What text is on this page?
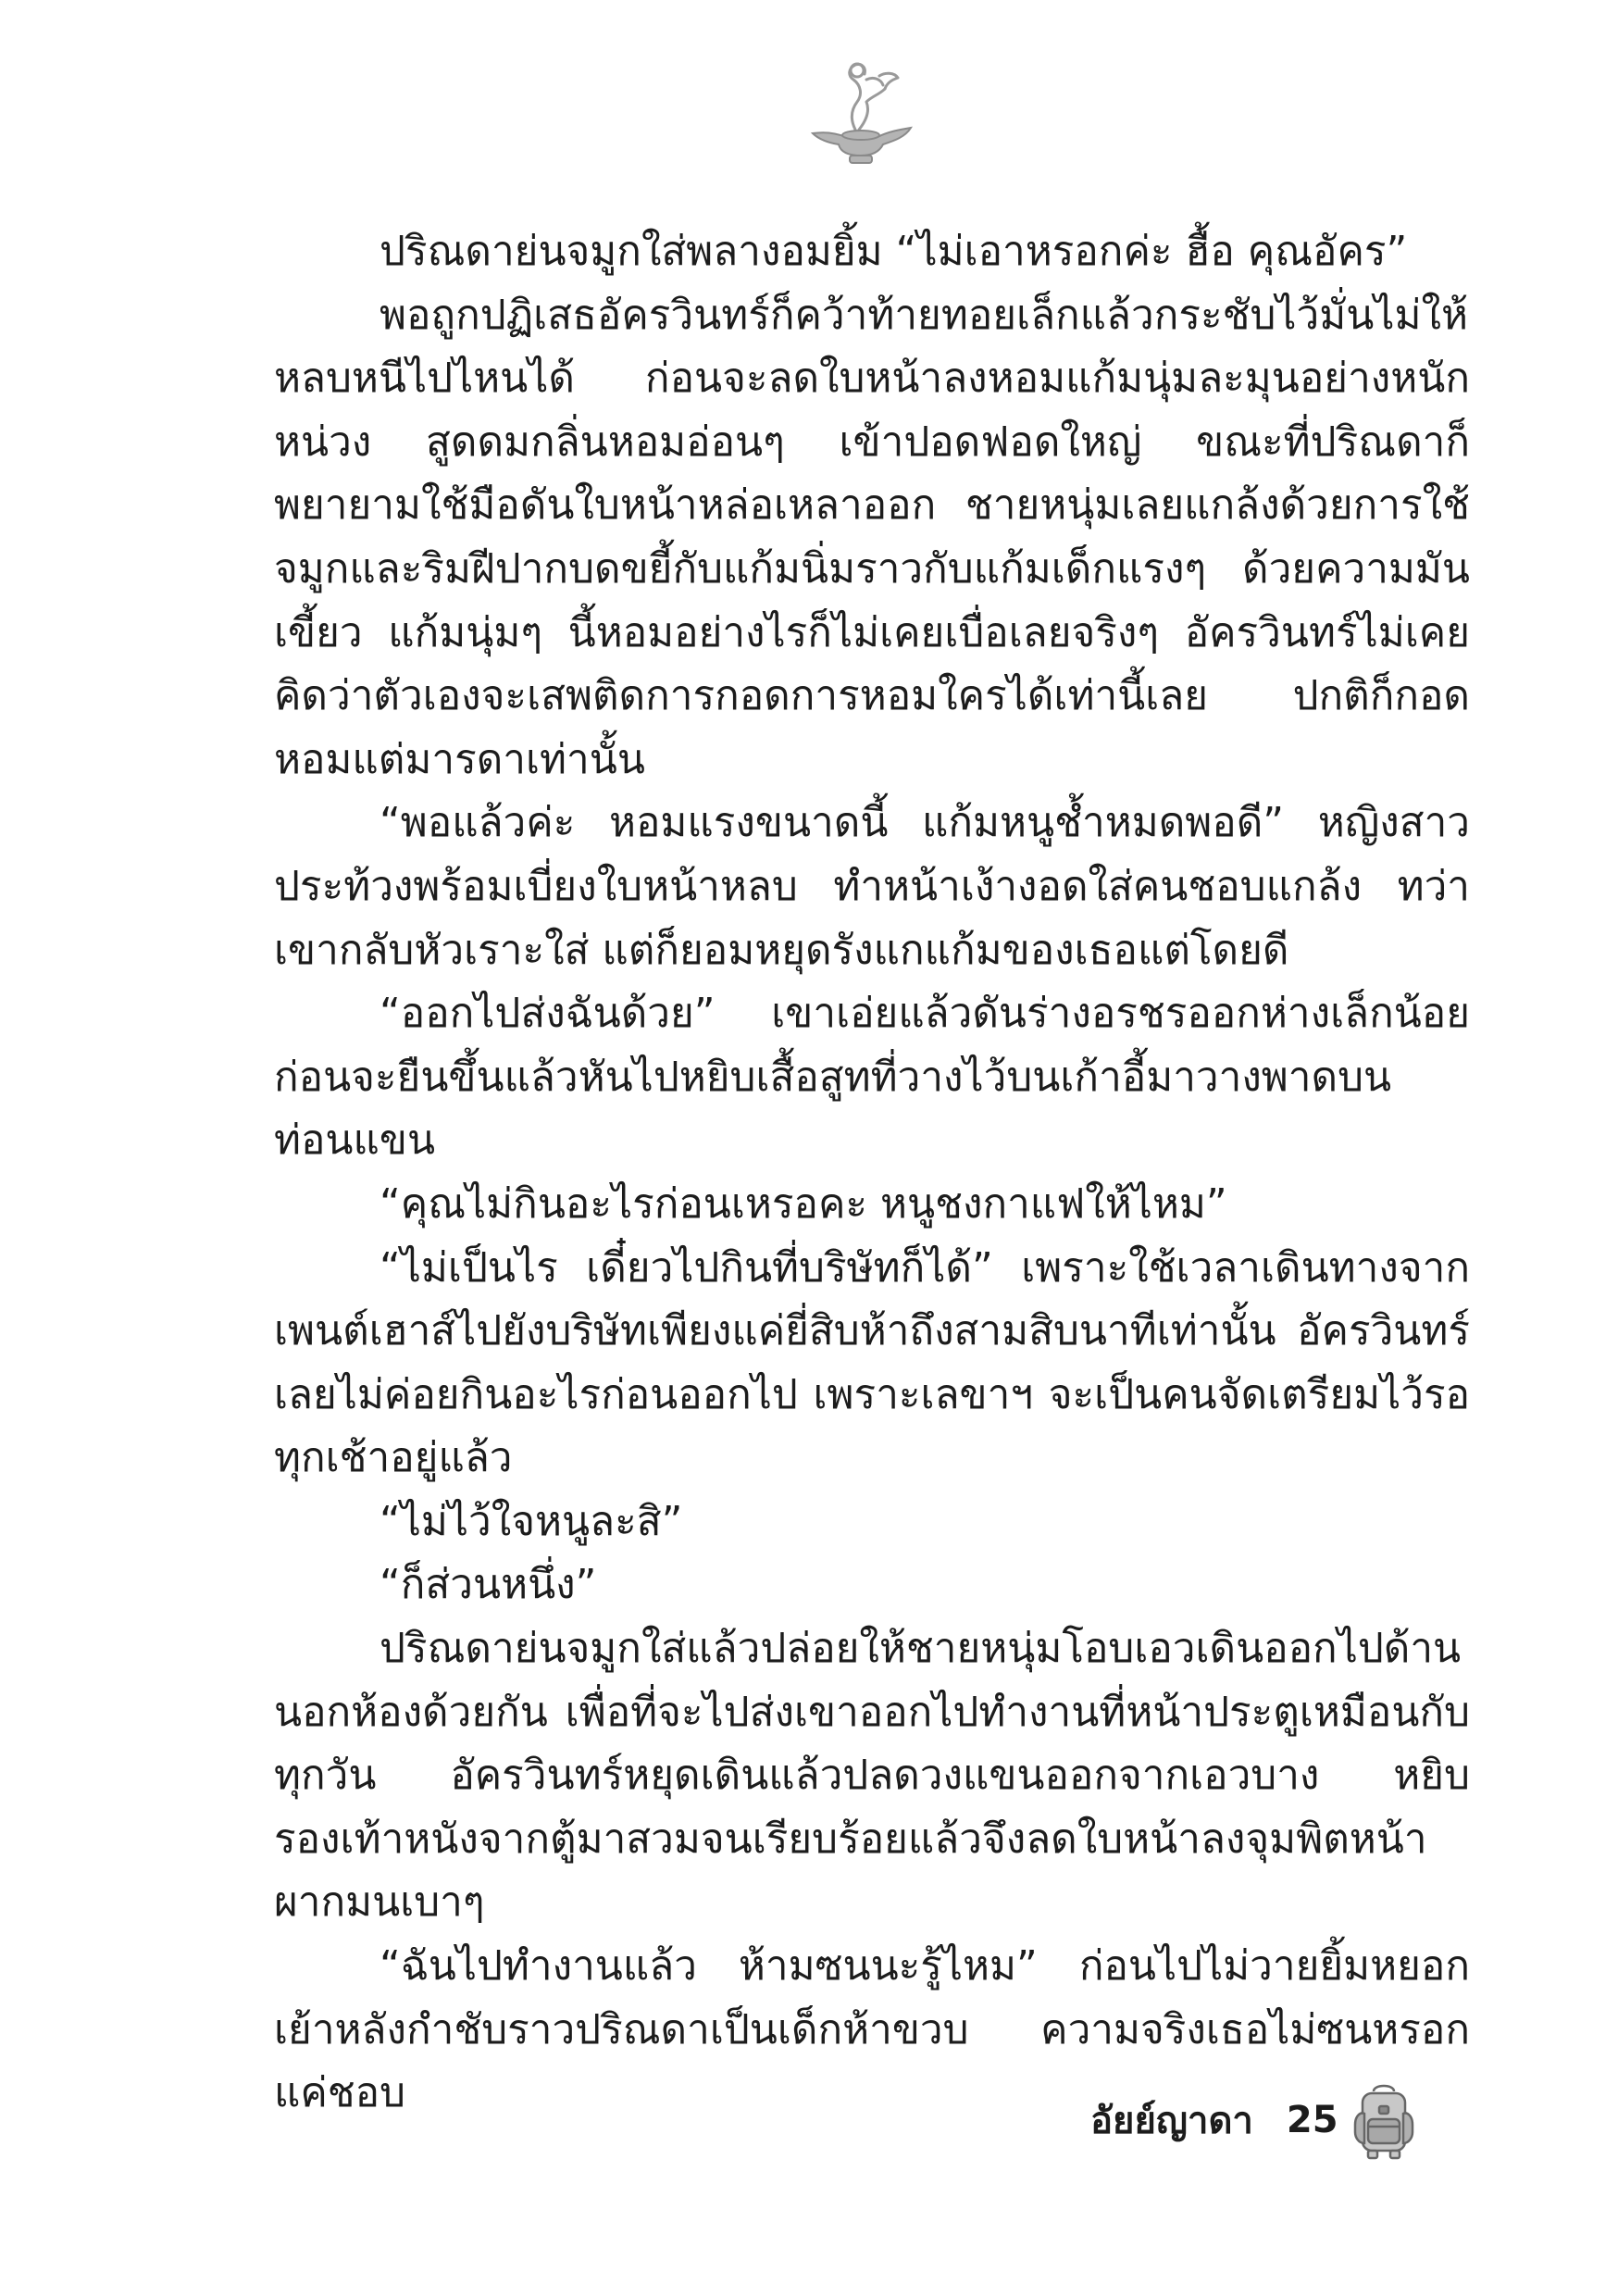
ปริณดาย่นจมูกใส่พลางอมยิ้ม “ไม่เอาหรอกค่ะ ฮื้อ คุณอัคร”

พอถูกปฏิเสธอัครวินทร์ก็คว้าท้ายทอยเล็กแล้วกระชับไว้มั่นไม่ให้หลบหนีไปไหนได้ ก่อนจะลดใบหน้าลงหอมแก้มนุ่มละมุนอย่างหนักหน่วง สูดดมกลิ่นหอมอ่อนๆ เข้าปอดฟอดใหญ่ ขณะที่ปริณดาก็พยายามใช้มือดันใบหน้าหล่อเหลาออก ชายหนุ่มเลยแกล้งด้วยการใช้จมูกและริมฝีปากบดขยี้กับแก้มนิ่มราวกับแก้มเด็กแรงๆ ด้วยความมันเขี้ยว แก้มนุ่มๆ นี้หอมอย่างไรก็ไม่เคยเบื่อเลยจริงๆ อัครวินทร์ไม่เคยคิดว่าตัวเองจะเสพติดการกอดการหอมใครได้เท่านี้เลย ปกติก็กอดหอมแต่มารดาเท่านั้น

“พอแล้วค่ะ หอมแรงขนาดนี้ แก้มหนูช้ำหมดพอดี” หญิงสาวประท้วงพร้อมเบี่ยงใบหน้าหลบ ทำหน้าเง้างอดใส่คนชอบแกล้ง ทว่าเขากลับหัวเราะใส่ แต่ก็ยอมหยุดรังแกแก้มของเธอแต่โดยดี

“ออกไปส่งฉันด้วย” เขาเอ่ยแล้วดันร่างอรชรออกห่างเล็กน้อย ก่อนจะยืนขึ้นแล้วหันไปหยิบเสื้อสูทที่วางไว้บนเก้าอี้มาวางพาดบนท่อนแขน

“คุณไม่กินอะไรก่อนเหรอคะ หนูชงกาแฟให้ไหม”

“ไม่เป็นไร เดี๋ยวไปกินที่บริษัทก็ได้” เพราะใช้เวลาเดินทางจากเพนต์เฮาส์ไปยังบริษัทเพียงแค่ยี่สิบห้าถึงสามสิบนาทีเท่านั้น อัครวินทร์เลยไม่ค่อยกินอะไรก่อนออกไป เพราะเลขาฯ จะเป็นคนจัดเตรียมไว้รอทุกเช้าอยู่แล้ว

“ไม่ไว้ใจหนูละสิ”

“ก็ส่วนหนึ่ง”

ปริณดาย่นจมูกใส่แล้วปล่อยให้ชายหนุ่มโอบเอวเดินออกไปด้านนอกห้องด้วยกัน เพื่อที่จะไปส่งเขาออกไปทำงานที่หน้าประตูเหมือนกับทุกวัน อัครวินทร์หยุดเดินแล้วปลดวงแขนออกจากเอวบาง หยิบรองเท้าหนังจากตู้มาสวมจนเรียบร้อยแล้วจึงลดใบหน้าลงจุมพิตหน้าผากมนเบาๆ

“ฉันไปทำงานแล้ว ห้ามซนนะรู้ไหม” ก่อนไปไม่วายยิ้มหยอกเย้าหลังกำชับราวปริณดาเป็นเด็กห้าขวบ ความจริงเธอไม่ซนหรอก แค่ชอบ

อัยย์ญาดา 25
